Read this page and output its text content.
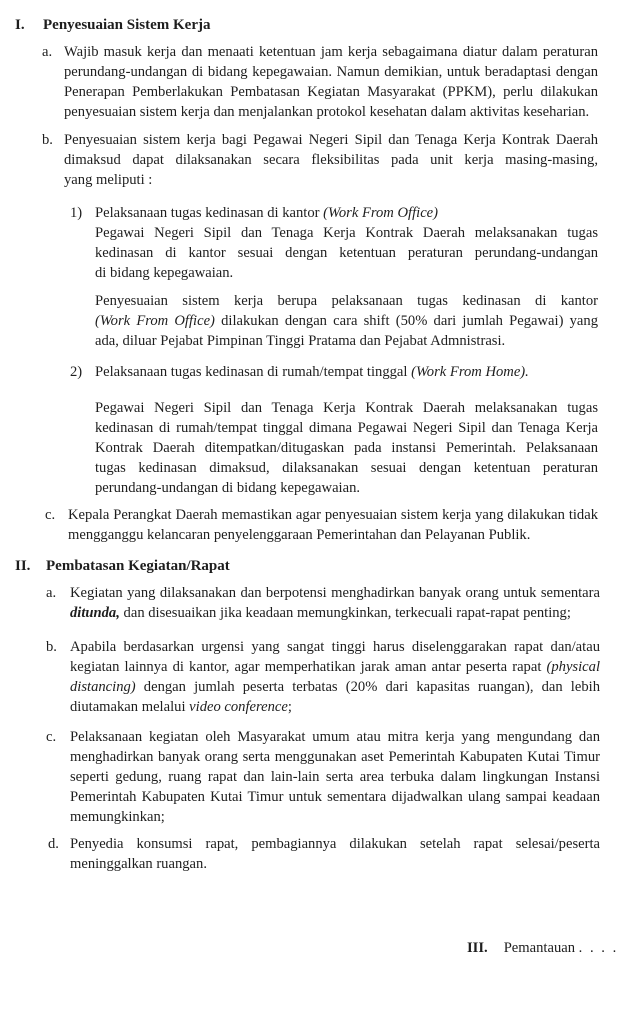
I. Penyesuaian Sistem Kerja
a. Wajib masuk kerja dan menaati ketentuan jam kerja sebagaimana diatur dalam peraturan
perundang-undangan di bidang kepegawaian. Namun demikian, untuk beradaptasi dengan
Penerapan Pemberlakukan Pembatasan Kegiatan Masyarakat (PPKM), perlu dilakukan
penyesuaian sistem kerja dan menjalankan protokol kesehatan dalam aktivitas keseharian.
b. Penyesuaian sistem kerja bagi Pegawai Negeri Sipil dan Tenaga Kerja Kontrak Daerah
dimaksud dapat dilaksanakan secara fleksibilitas pada unit kerja masing-masing,
yang meliputi :
1) Pelaksanaan tugas kedinasan di kantor (Work From Office)
Pegawai Negeri Sipil dan Tenaga Kerja Kontrak Daerah melaksanakan tugas
kedinasan di kantor sesuai dengan ketentuan peraturan perundang-undangan
di bidang kepegawaian.
Penyesuaian sistem kerja berupa pelaksanaan tugas kedinasan di kantor
(Work From Office) dilakukan dengan cara shift (50% dari jumlah Pegawai) yang
ada, diluar Pejabat Pimpinan Tinggi Pratama dan Pejabat Admnistrasi.
2) Pelaksanaan tugas kedinasan di rumah/tempat tinggal (Work From Home).
Pegawai Negeri Sipil dan Tenaga Kerja Kontrak Daerah melaksanakan tugas
kedinasan di rumah/tempat tinggal dimana Pegawai Negeri Sipil dan Tenaga Kerja
Kontrak Daerah ditempatkan/ditugaskan pada instansi Pemerintah. Pelaksanaan
tugas kedinasan dimaksud, dilaksanakan sesuai dengan ketentuan peraturan
perundang-undangan di bidang kepegawaian.
c. Kepala Perangkat Daerah memastikan agar penyesuaian sistem kerja yang dilakukan tidak
mengganggu kelancaran penyelenggaraan Pemerintahan dan Pelayanan Publik.
II. Pembatasan Kegiatan/Rapat
a. Kegiatan yang dilaksanakan dan berpotensi menghadirkan banyak orang untuk sementara
ditunda, dan disesuaikan jika keadaan memungkinkan, terkecuali rapat-rapat penting;
b. Apabila berdasarkan urgensi yang sangat tinggi harus diselenggarakan rapat dan/atau
kegiatan lainnya di kantor, agar memperhatikan jarak aman antar peserta rapat (physical
distancing) dengan jumlah peserta terbatas (20% dari kapasitas ruangan), dan lebih
diutamakan melalui video conference;
c. Pelaksanaan kegiatan oleh Masyarakat umum atau mitra kerja yang mengundang dan
menghadirkan banyak orang serta menggunakan aset Pemerintah Kabupaten Kutai Timur
seperti gedung, ruang rapat dan lain-lain serta area terbuka dalam lingkungan Instansi
Pemerintah Kabupaten Kutai Timur untuk sementara dijadwalkan ulang sampai keadaan
memungkinkan;
d. Penyedia konsumsi rapat, pembagiannya dilakukan setelah rapat selesai/peserta
meninggalkan ruangan.
III. Pemantauan . . . .
